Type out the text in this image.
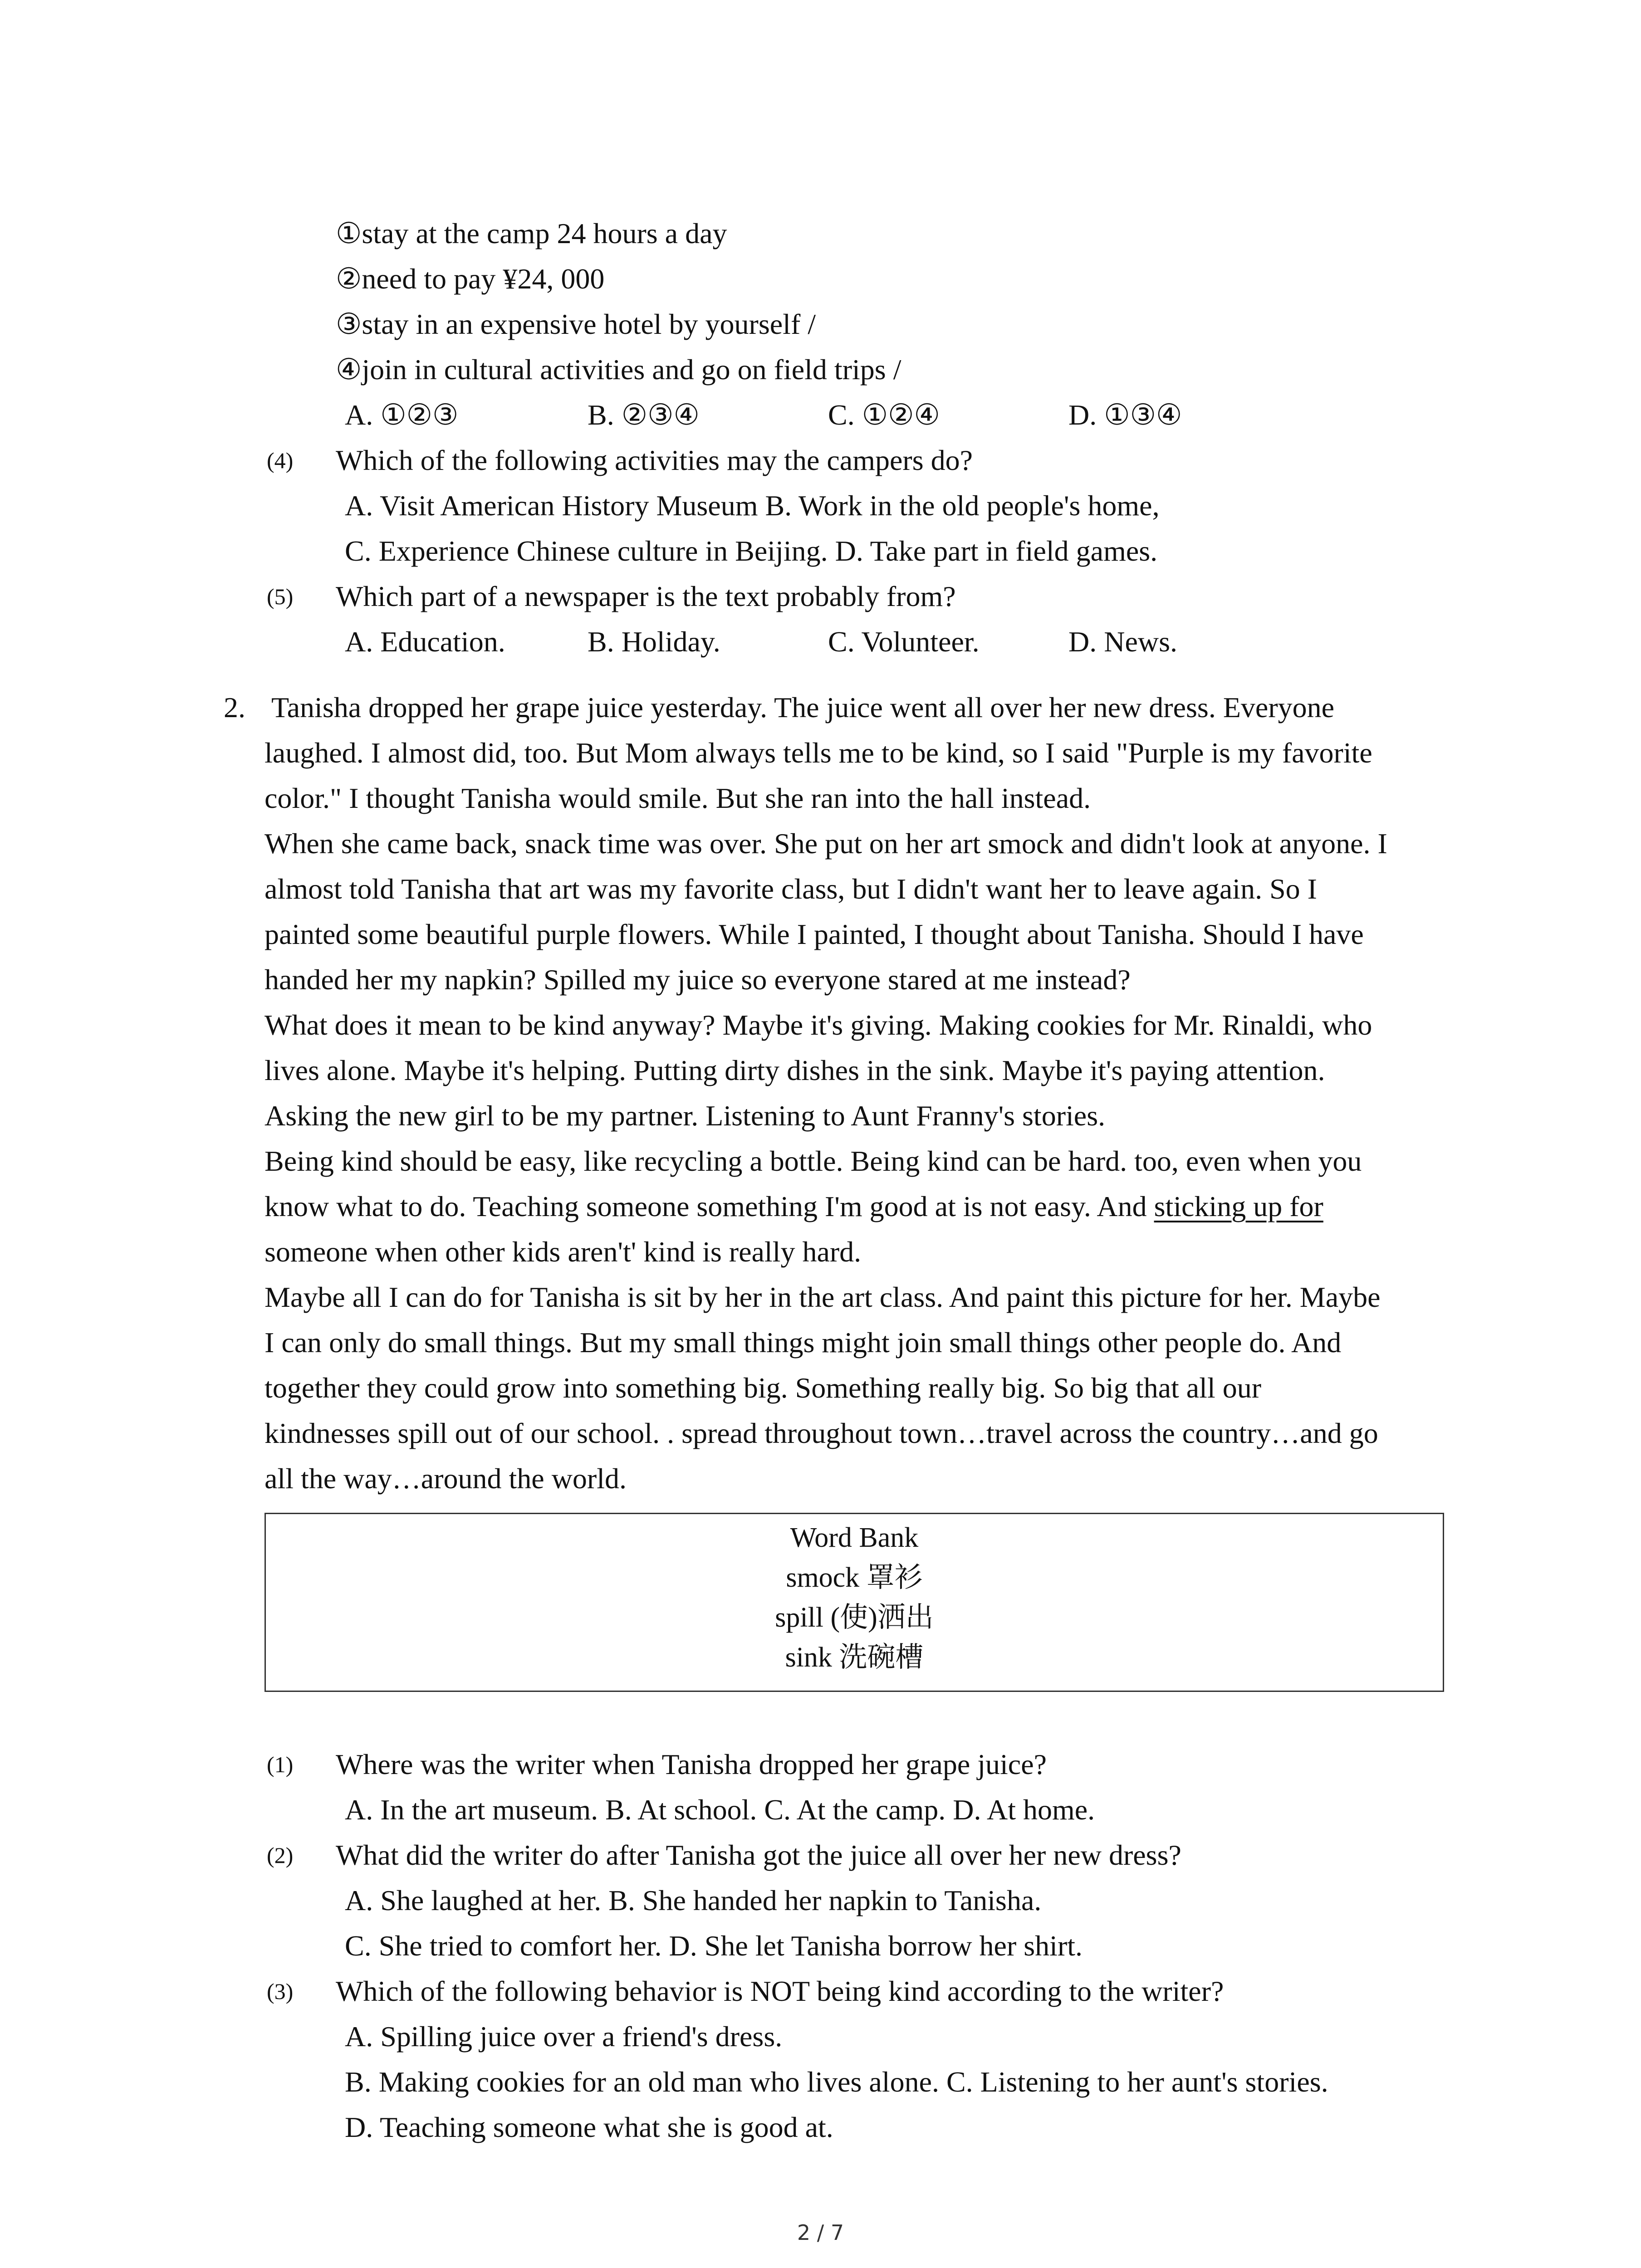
①stay at the camp 24 hours a day
②need to pay ¥24, 000
③stay in an expensive hotel by yourself /
④join in cultural activities and go on field trips /
A. ①②③	B. ②③④	C. ①②④	D. ①③④
(4) Which of the following activities may the campers do?
A. Visit American History Museum B. Work in the old people's home,
C. Experience Chinese culture in Beijing. D. Take part in field games.
(5) Which part of a newspaper is the text probably from?
A. Education.	B. Holiday.	C. Volunteer.	D. News.
2. Tanisha dropped her grape juice yesterday. The juice went all over her new dress. Everyone
laughed. I almost did, too. But Mom always tells me to be kind, so I said "Purple is my favorite
color." I thought Tanisha would smile. But she ran into the hall instead.
When she came back, snack time was over. She put on her art smock and didn't look at anyone. I
almost told Tanisha that art was my favorite class, but I didn't want her to leave again. So I
painted some beautiful purple flowers. While I painted, I thought about Tanisha. Should I have
handed her my napkin? Spilled my juice so everyone stared at me instead?
What does it mean to be kind anyway? Maybe it's giving. Making cookies for Mr. Rinaldi, who
lives alone. Maybe it's helping. Putting dirty dishes in the sink. Maybe it's paying attention.
Asking the new girl to be my partner. Listening to Aunt Franny's stories.
Being kind should be easy, like recycling a bottle. Being kind can be hard. too, even when you
know what to do. Teaching someone something I'm good at is not easy. And sticking up for
someone when other kids aren't' kind is really hard.
Maybe all I can do for Tanisha is sit by her in the art class. And paint this picture for her. Maybe
I can only do small things. But my small things might join small things other people do. And
together they could grow into something big. Something really big. So big that all our
kindnesses spill out of our school. . spread throughout town…travel across the country…and go
all the way…around the world.
Word Bank
smock 罩衫
spill (使)洒出
sink 洗碗槽
(1) Where was the writer when Tanisha dropped her grape juice?
A. In the art museum. B. At school. C. At the camp. D. At home.
(2) What did the writer do after Tanisha got the juice all over her new dress?
A. She laughed at her. B. She handed her napkin to Tanisha.
C. She tried to comfort her. D. She let Tanisha borrow her shirt.
(3) Which of the following behavior is NOT being kind according to the writer?
A. Spilling juice over a friend's dress.
B. Making cookies for an old man who lives alone. C. Listening to her aunt's stories.
D. Teaching someone what she is good at.
2 / 7
